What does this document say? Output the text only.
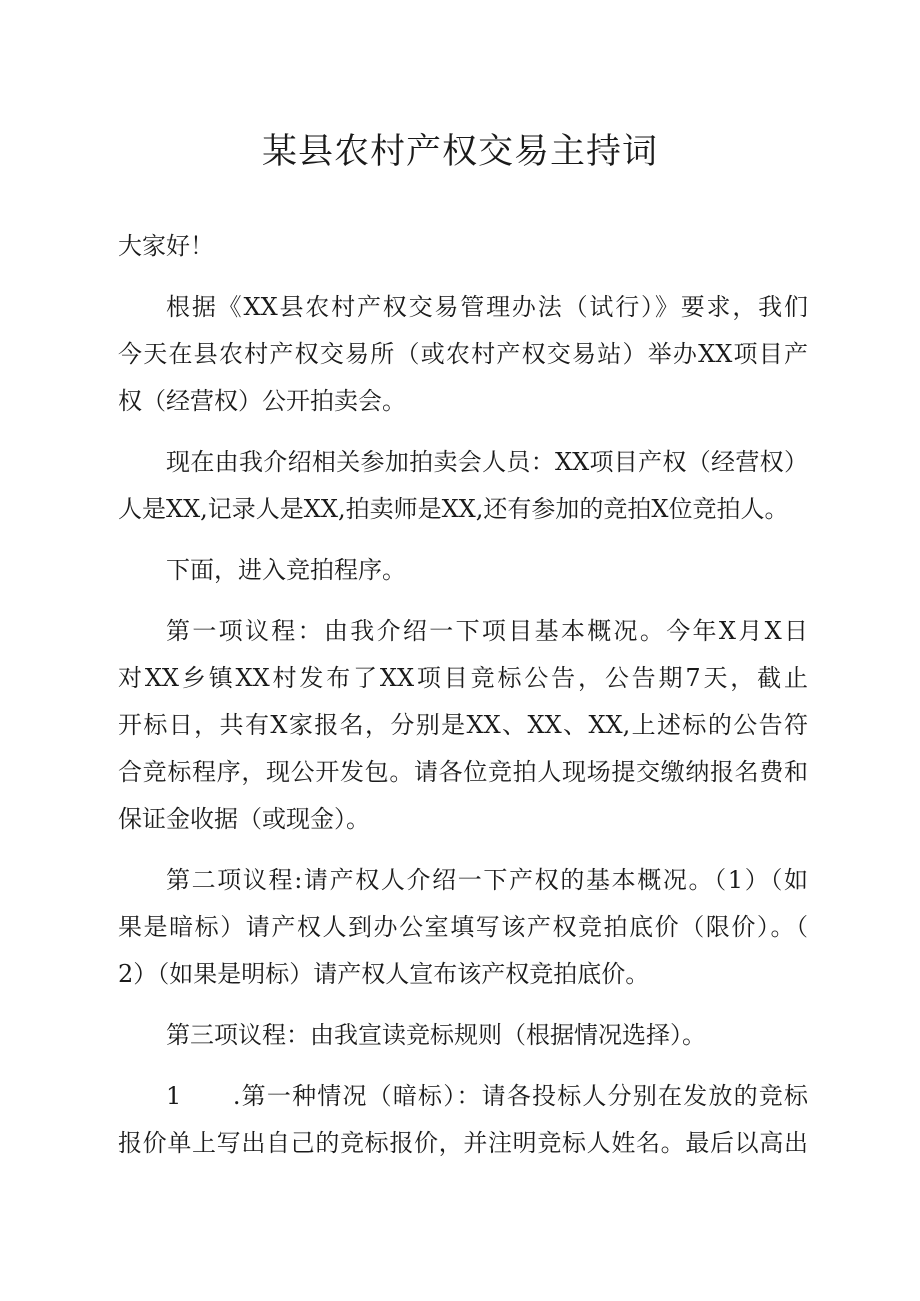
某县农村产权交易主持词
大家好！
根据《XX县农村产权交易管理办法（试行）》要求，我们
今天在县农村产权交易所（或农村产权交易站）举办XX项目产
权（经营权）公开拍卖会。
现在由我介绍相关参加拍卖会人员：XX项目产权（经营权）
人是XX,记录人是XX,拍卖师是XX,还有参加的竞拍X位竞拍人。
下面，进入竞拍程序。
第一项议程：由我介绍一下项目基本概况。今年X月X日
对XX乡镇XX村发布了XX项目竞标公告，公告期7天，截止
开标日，共有X家报名，分别是XX、XX、XX,上述标的公告符
合竞标程序，现公开发包。请各位竞拍人现场提交缴纳报名费和
保证金收据（或现金）。
第二项议程:请产权人介绍一下产权的基本概况。（1）（如
果是暗标）请产权人到办公室填写该产权竞拍底价（限价）。（
2）（如果是明标）请产权人宣布该产权竞拍底价。
第三项议程：由我宣读竞标规则（根据情况选择）。
1　　.第一种情况（暗标）：请各投标人分别在发放的竞标
报价单上写出自己的竞标报价，并注明竞标人姓名。最后以高出
